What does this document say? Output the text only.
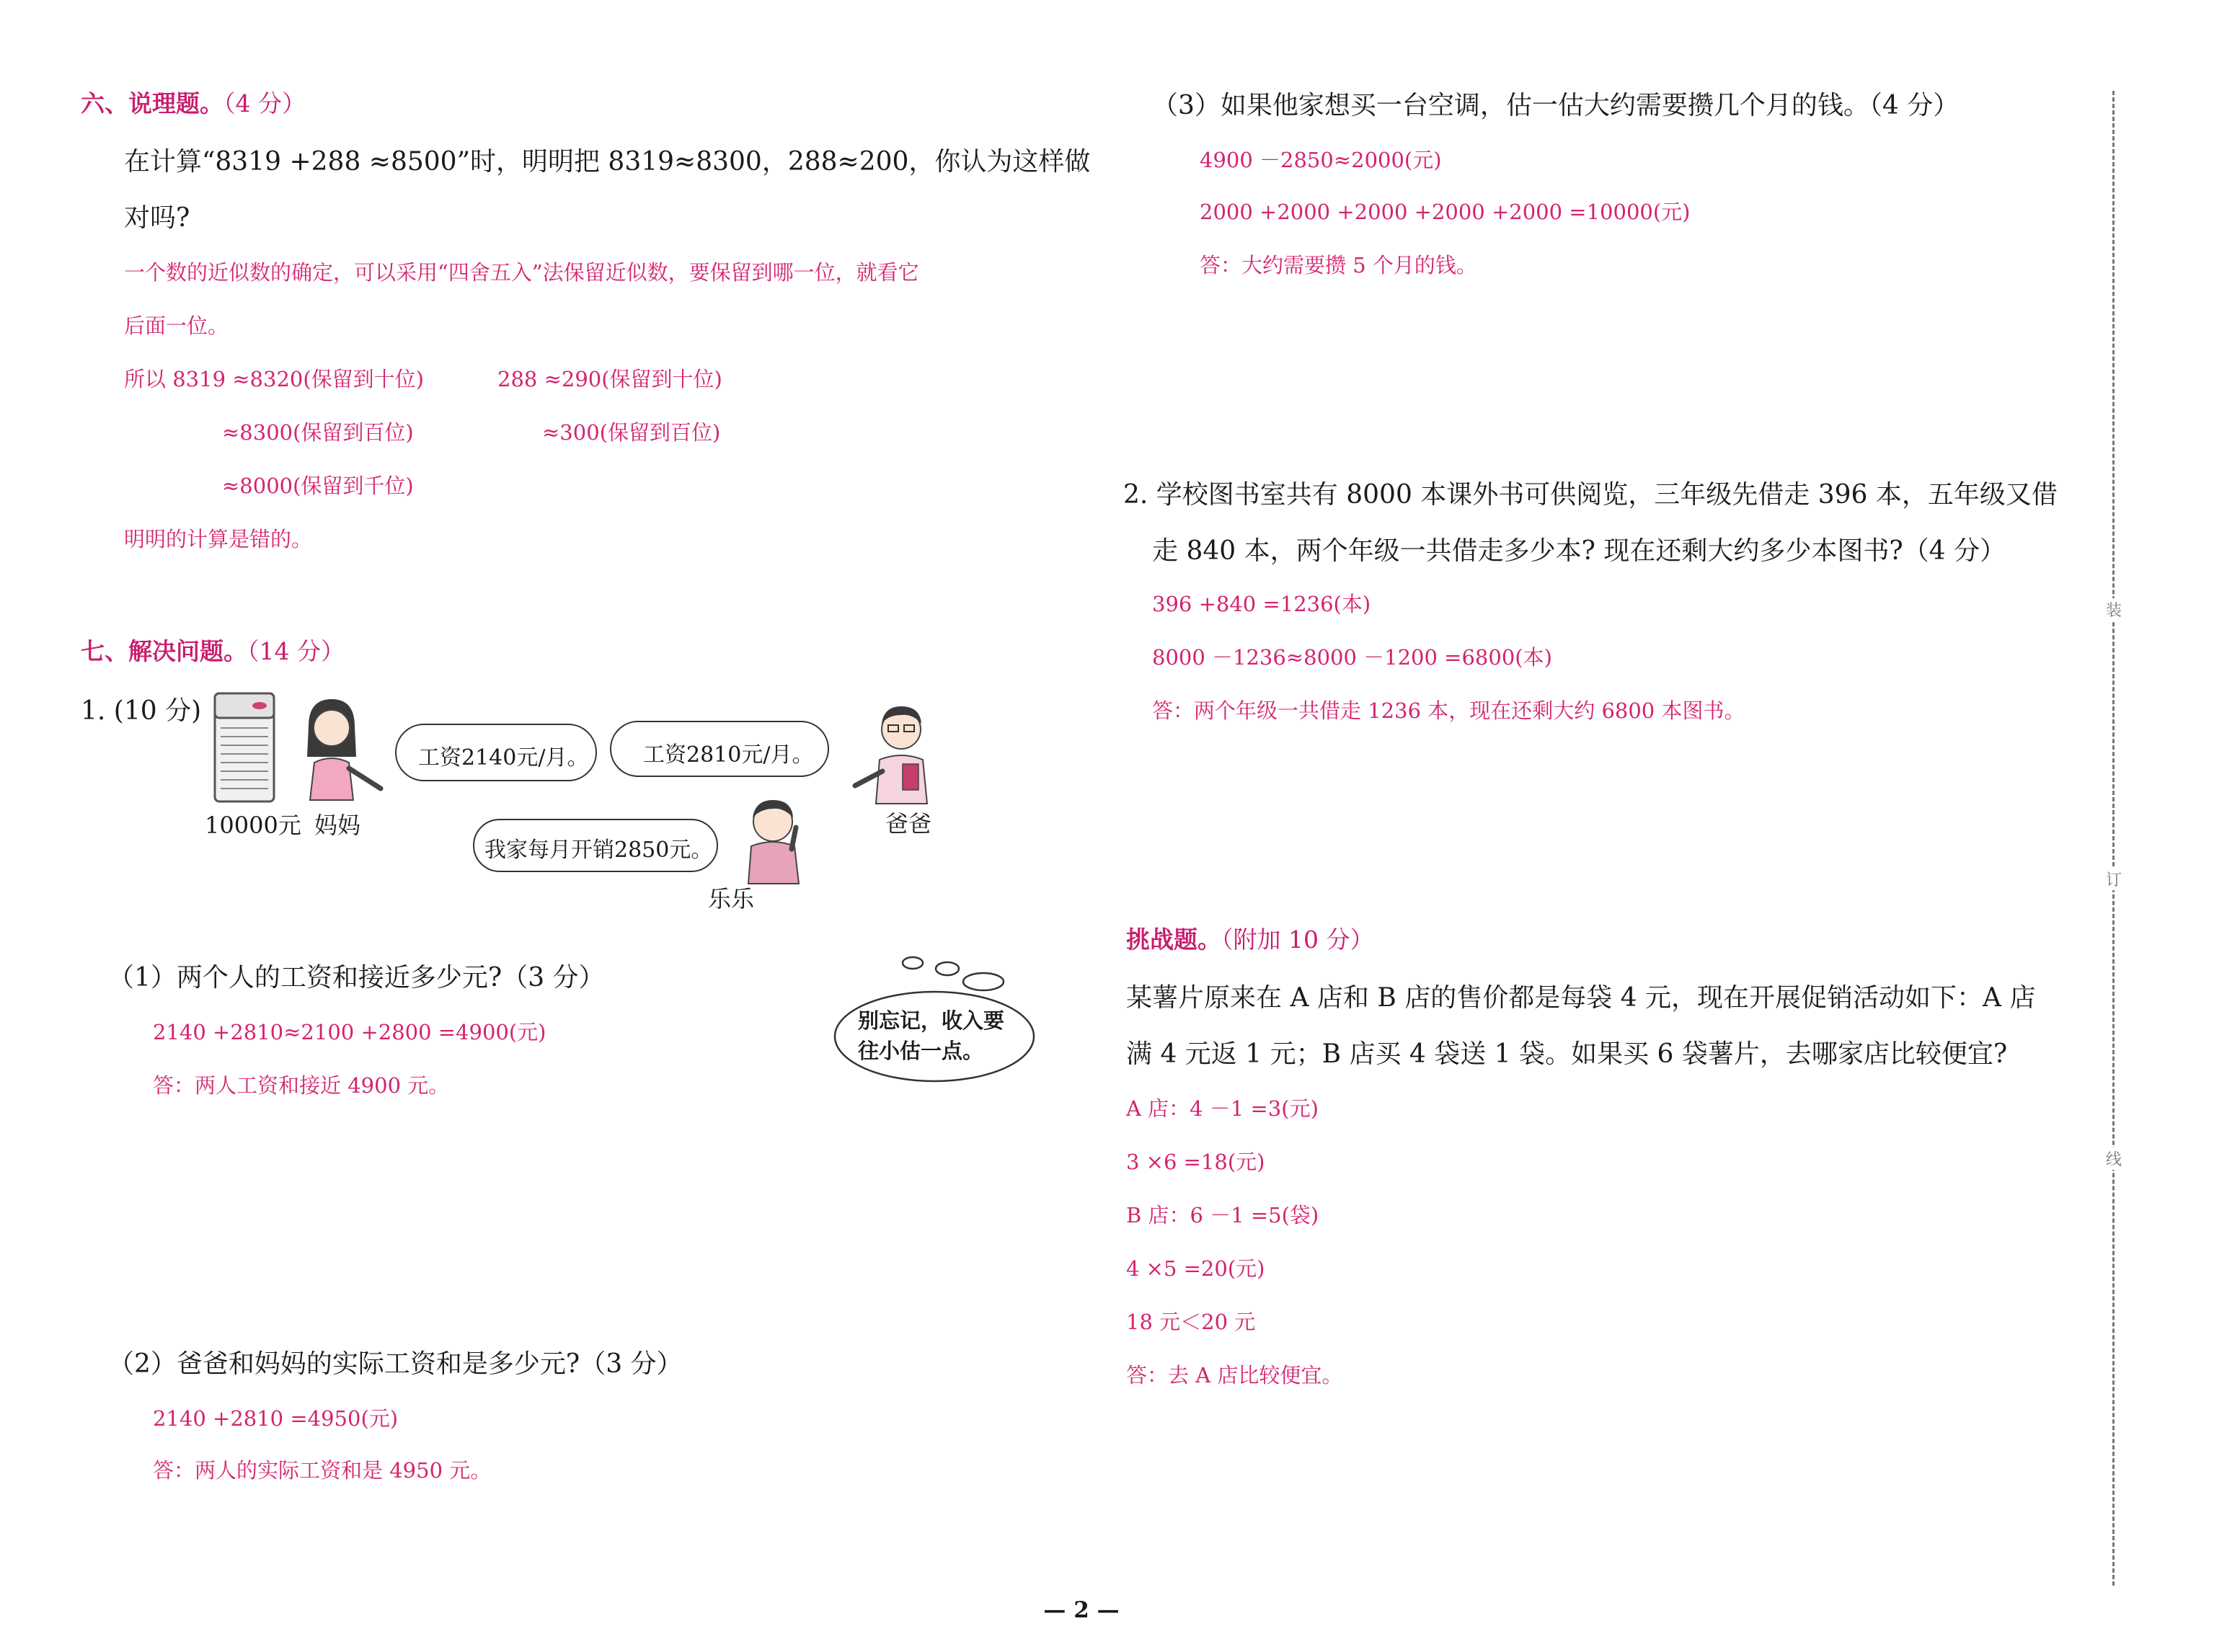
六、说理题。（4 分）
在计算“8319 +288 ≈8500”时，明明把 8319≈8300，288≈200，你认为这样做
对吗?
一个数的近似数的确定，可以采用“四舍五入”法保留近似数，要保留到哪一位，就看它
后面一位。
所以 8319 ≈8320(保留到十位)	288 ≈290(保留到十位)
≈8300(保留到百位)	≈300(保留到百位)
≈8000(保留到千位)
明明的计算是错的。
七、解决问题。（14 分）
1. (10 分)
10000元 妈妈	爸爸
乐乐
工资2140元/月。	工资2810元/月。
我家每月开销2850元。
别忘记，收入要
往小估一点。
（1）两个人的工资和接近多少元?（3 分）
2140 +2810≈2100 +2800 =4900(元)
答：两人工资和接近 4900 元。
（2）爸爸和妈妈的实际工资和是多少元?（3 分）
2140 +2810 =4950(元)
答：两人的实际工资和是 4950 元。
（3）如果他家想买一台空调，估一估大约需要攒几个月的钱。（4 分）
4900 －2850≈2000(元)
2000 +2000 +2000 +2000 +2000 =10000(元)
答：大约需要攒 5 个月的钱。
2. 学校图书室共有 8000 本课外书可供阅览，三年级先借走 396 本，五年级又借
走 840 本，两个年级一共借走多少本? 现在还剩大约多少本图书?（4 分）
396 +840 =1236(本)
8000 －1236≈8000 －1200 =6800(本)
答：两个年级一共借走 1236 本，现在还剩大约 6800 本图书。
挑战题。（附加 10 分）
某薯片原来在 A 店和 B 店的售价都是每袋 4 元，现在开展促销活动如下：A 店
满 4 元返 1 元；B 店买 4 袋送 1 袋。如果买 6 袋薯片，去哪家店比较便宜?
A 店：4 －1 =3(元)
3 ×6 =18(元)
B 店：6 －1 =5(袋)
4 ×5 =20(元)
18 元＜20 元
答：去 A 店比较便宜。
装
订
线
— 2 —
